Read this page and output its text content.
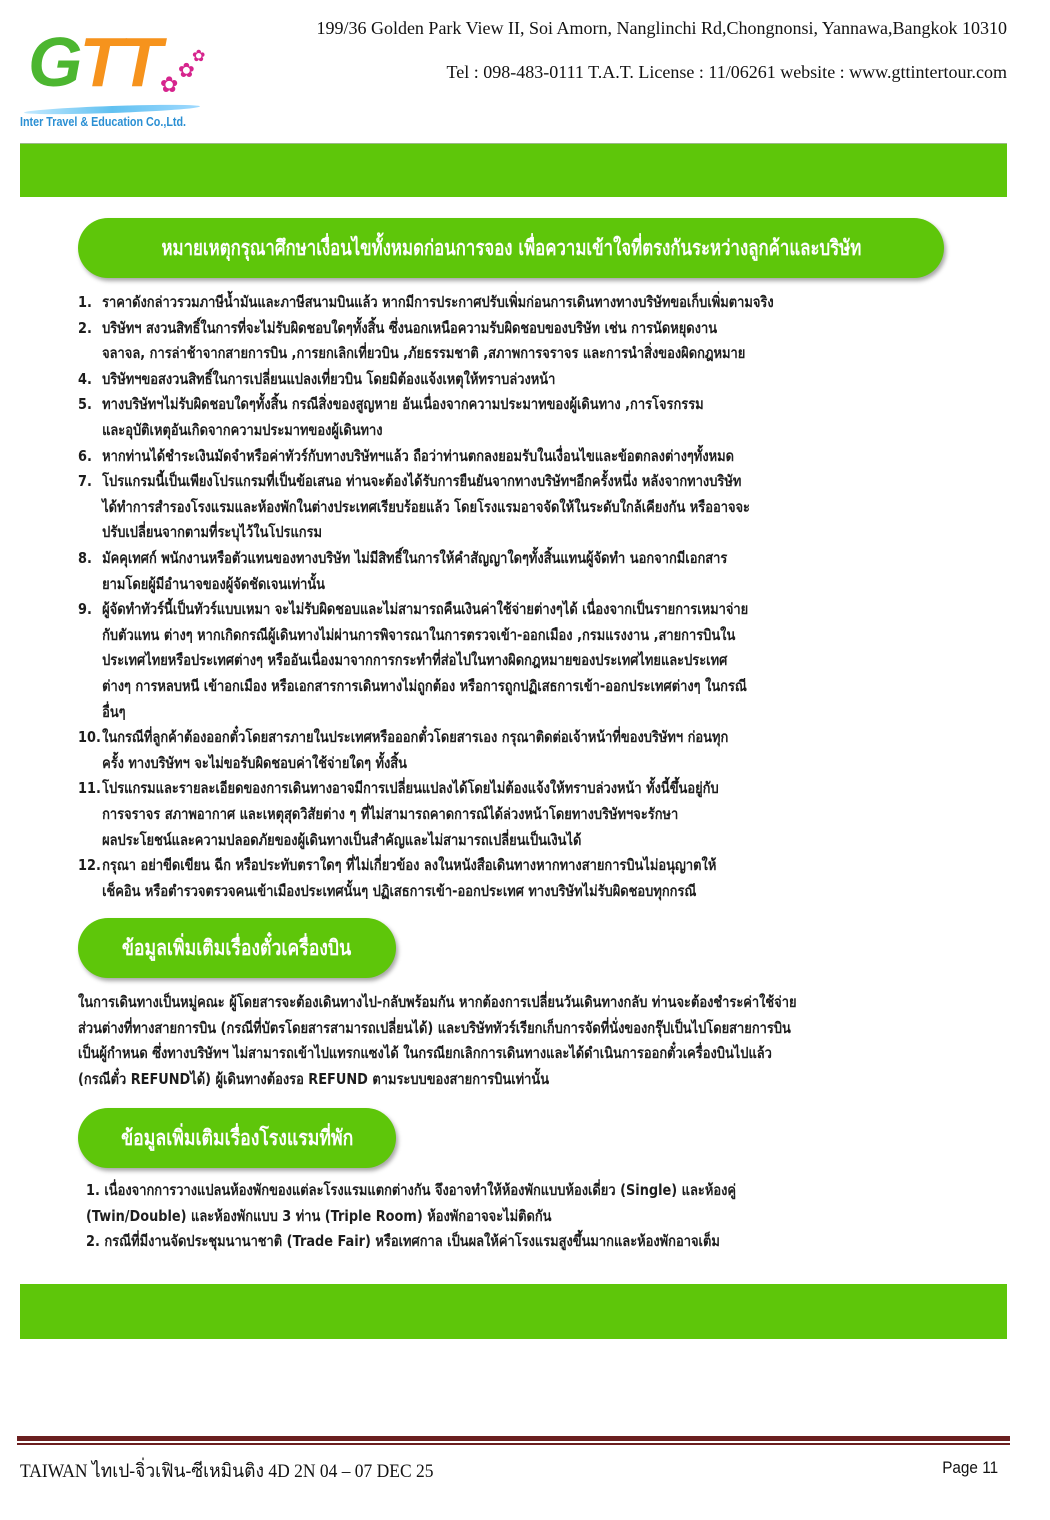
GTT ✿
✿
✿
Inter Travel & Education Co.,Ltd.
199/36 Golden Park View II, Soi Amorn, Nanglinchi Rd,Chongnonsi, Yannawa,Bangkok 10310
Tel : 098-483-0111 T.A.T. License : 11/06261 website : www.gttintertour.com
หมายเหตุกรุณาศึกษาเงื่อนไขทั้งหมดก่อนการจอง เพื่อความเข้าใจที่ตรงกันระหว่างลูกค้าและบริษัท
1. ราคาดังกล่าวรวมภาษีน้ำมันและภาษีสนามบินแล้ว หากมีการประกาศปรับเพิ่มก่อนการเดินทางทางบริษัทขอเก็บเพิ่มตามจริง
2. บริษัทฯ สงวนสิทธิ์ในการที่จะไม่รับผิดชอบใดๆทั้งสิ้น ซึ่งนอกเหนือความรับผิดชอบของบริษัท เช่น การนัดหยุดงาน
จลาจล, การล่าช้าจากสายการบิน ,การยกเลิกเที่ยวบิน ,ภัยธรรมชาติ ,สภาพการจราจร และการนำสิ่งของผิดกฎหมาย
4. บริษัทฯขอสงวนสิทธิ์ในการเปลี่ยนแปลงเที่ยวบิน โดยมิต้องแจ้งเหตุให้ทราบล่วงหน้า
5. ทางบริษัทฯไม่รับผิดชอบใดๆทั้งสิ้น กรณีสิ่งของสูญหาย อันเนื่องจากความประมาทของผู้เดินทาง ,การโจรกรรม
และอุบัติเหตุอันเกิดจากความประมาทของผู้เดินทาง
6. หากท่านได้ชำระเงินมัดจำหรือค่าทัวร์กับทางบริษัทฯแล้ว ถือว่าท่านตกลงยอมรับในเงื่อนไขและข้อตกลงต่างๆทั้งหมด
7. โปรแกรมนี้เป็นเพียงโปรแกรมที่เป็นข้อเสนอ ท่านจะต้องได้รับการยืนยันจากทางบริษัทฯอีกครั้งหนึ่ง หลังจากทางบริษัท
ได้ทำการสำรองโรงแรมและห้องพักในต่างประเทศเรียบร้อยแล้ว โดยโรงแรมอาจจัดให้ในระดับใกล้เคียงกัน หรืออาจจะ
ปรับเปลี่ยนจากตามที่ระบุไว้ในโปรแกรม
8. มัคคุเทศก์ พนักงานหรือตัวแทนของทางบริษัท ไม่มีสิทธิ์ในการให้คำสัญญาใดๆทั้งสิ้นแทนผู้จัดทำ นอกจากมีเอกสาร
ยามโดยผู้มีอำนาจของผู้จัดชัดเจนเท่านั้น
9. ผู้จัดทำทัวร์นี้เป็นทัวร์แบบเหมา จะไม่รับผิดชอบและไม่สามารถคืนเงินค่าใช้จ่ายต่างๆได้ เนื่องจากเป็นรายการเหมาจ่าย
กับตัวแทน ต่างๆ หากเกิดกรณีผู้เดินทางไม่ผ่านการพิจารณาในการตรวจเข้า-ออกเมือง ,กรมแรงงาน ,สายการบินใน
ประเทศไทยหรือประเทศต่างๆ หรืออันเนื่องมาจากการกระทำที่ส่อไปในทางผิดกฎหมายของประเทศไทยและประเทศ
ต่างๆ การหลบหนี เข้าอกเมือง หรือเอกสารการเดินทางไม่ถูกต้อง หรือการถูกปฏิเสธการเข้า-ออกประเทศต่างๆ ในกรณี
อื่นๆ
10.ในกรณีที่ลูกค้าต้องออกตั๋วโดยสารภายในประเทศหรือออกตั๋วโดยสารเอง กรุณาติดต่อเจ้าหน้าที่ของบริษัทฯ ก่อนทุก
ครั้ง ทางบริษัทฯ จะไม่ขอรับผิดชอบค่าใช้จ่ายใดๆ ทั้งสิ้น
11.โปรแกรมและรายละเอียดของการเดินทางอาจมีการเปลี่ยนแปลงได้โดยไม่ต้องแจ้งให้ทราบล่วงหน้า ทั้งนี้ขึ้นอยู่กับ
การจราจร สภาพอากาศ และเหตุสุดวิสัยต่าง ๆ ที่ไม่สามารถคาดการณ์ได้ล่วงหน้าโดยทางบริษัทฯจะรักษา
ผลประโยชน์และความปลอดภัยของผู้เดินทางเป็นสำคัญและไม่สามารถเปลี่ยนเป็นเงินได้
12.กรุณา อย่าขีดเขียน ฉีก หรือประทับตราใดๆ ที่ไม่เกี่ยวข้อง ลงในหนังสือเดินทางหากทางสายการบินไม่อนุญาตให้
เช็คอิน หรือตำรวจตรวจคนเข้าเมืองประเทศนั้นๆ ปฏิเสธการเข้า-ออกประเทศ ทางบริษัทไม่รับผิดชอบทุกกรณี
ข้อมูลเพิ่มเติมเรื่องตั๋วเครื่องบิน
ในการเดินทางเป็นหมู่คณะ ผู้โดยสารจะต้องเดินทางไป-กลับพร้อมกัน หากต้องการเปลี่ยนวันเดินทางกลับ ท่านจะต้องชำระค่าใช้จ่าย
ส่วนต่างที่ทางสายการบิน (กรณีที่บัตรโดยสารสามารถเปลี่ยนได้) และบริษัททัวร์เรียกเก็บการจัดที่นั่งของกรุ๊ปเป็นไปโดยสายการบิน
เป็นผู้กำหนด ซึ่งทางบริษัทฯ ไม่สามารถเข้าไปแทรกแซงได้ ในกรณียกเลิกการเดินทางและได้ดำเนินการออกตั๋วเครื่องบินไปแล้ว
(กรณีตั๋ว REFUNDได้) ผู้เดินทางต้องรอ REFUND ตามระบบของสายการบินเท่านั้น
ข้อมูลเพิ่มเติมเรื่องโรงแรมที่พัก
1. เนื่องจากการวางแปลนห้องพักของแต่ละโรงแรมแตกต่างกัน จึงอาจทำให้ห้องพักแบบห้องเดี่ยว (Single) และห้องคู่
(Twin/Double) และห้องพักแบบ 3 ท่าน (Triple Room) ห้องพักอาจจะไม่ติดกัน
2. กรณีที่มีงานจัดประชุมนานาชาติ (Trade Fair) หรือเทศกาล เป็นผลให้ค่าโรงแรมสูงขึ้นมากและห้องพักอาจเต็ม
TAIWAN ไทเป-จิ่วเฟิน-ซีเหมินติง 4D 2N 04 – 07 DEC 25	Page 11
